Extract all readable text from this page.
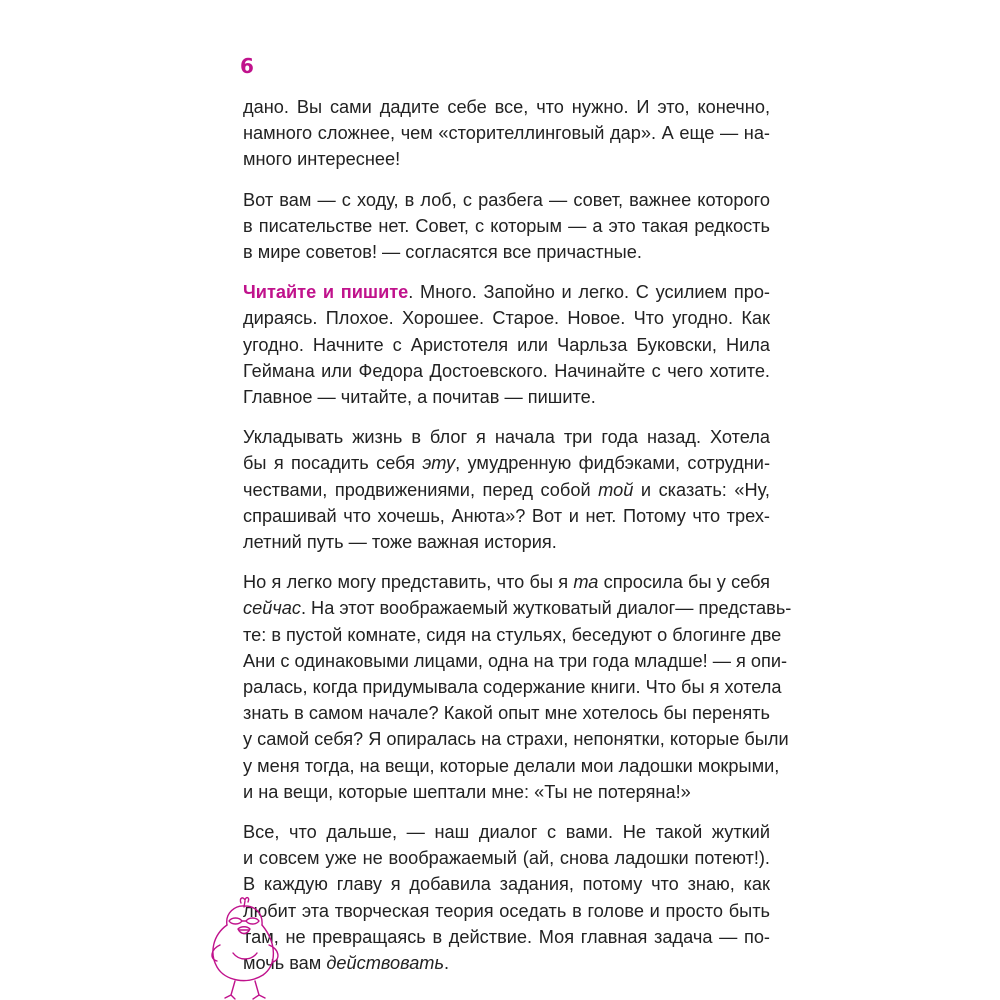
6

дано. Вы сами дадите себе все, что нужно. И это, конечно,
намного сложнее, чем «сторителлинговый дар». А еще — на-
много интереснее!

Вот вам — с ходу, в лоб, с разбега — совет, важнее которого
в писательстве нет. Совет, с которым — а это такая редкость
в мире советов! — согласятся все причастные.

Читайте и пишите. Много. Запойно и легко. С усилием про-
дираясь. Плохое. Хорошее. Старое. Новое. Что угодно. Как
угодно. Начните с Аристотеля или Чарльза Буковски, Нила
Геймана или Федора Достоевского. Начинайте с чего хотите.
Главное — читайте, а почитав — пишите.

Укладывать жизнь в блог я начала три года назад. Хотела
бы я посадить себя эту, умудренную фидбэками, сотрудни-
чествами, продвижениями, перед собой той и сказать: «Ну,
спрашивай что хочешь, Анюта»? Вот и нет. Потому что трех-
летний путь — тоже важная история.

Но я легко могу представить, что бы я та спросила бы у себя
сейчас. На этот воображаемый жутковатый диалог— представь-
те: в пустой комнате, сидя на стульях, беседуют о блогинге две
Ани с одинаковыми лицами, одна на три года младше! — я опи-
ралась, когда придумывала содержание книги. Что бы я хотела
знать в самом начале? Какой опыт мне хотелось бы перенять
у самой себя? Я опиралась на страхи, непонятки, которые были
у меня тогда, на вещи, которые делали мои ладошки мокрыми,
и на вещи, которые шептали мне: «Ты не потеряна!»

Все, что дальше, — наш диалог с вами. Не такой жуткий
и совсем уже не воображаемый (ай, снова ладошки потеют!).
В каждую главу я добавила задания, потому что знаю, как
любит эта творческая теория оседать в голове и просто быть
там, не превращаясь в действие. Моя главная задача — по-
мочь вам действовать.
